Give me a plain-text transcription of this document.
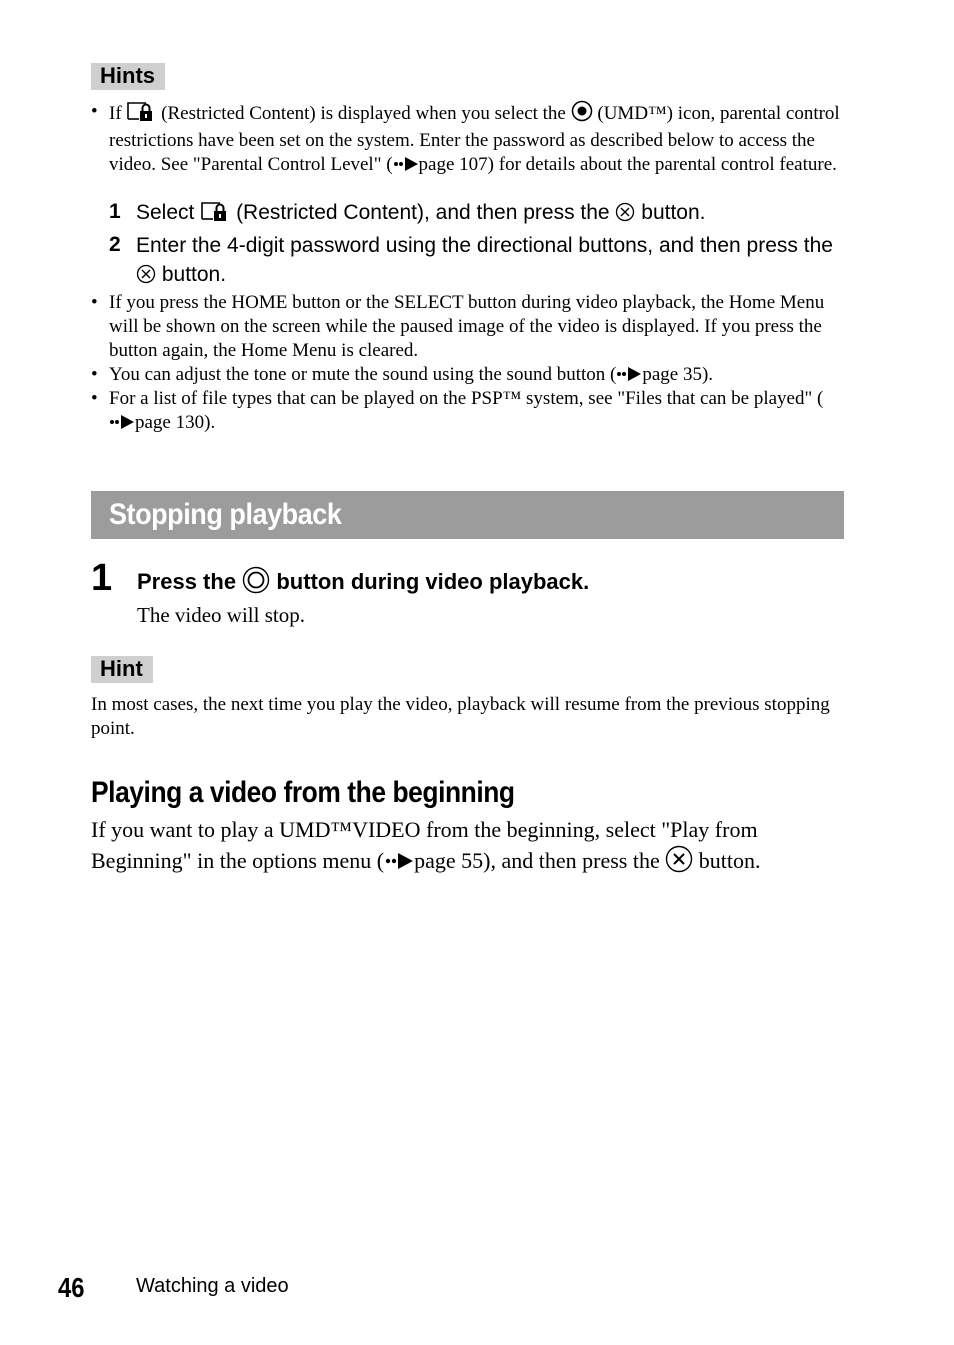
Hints
• If (Restricted Content) is displayed when you select the (UMD™) icon, parental control restrictions have been set on the system. Enter the password as described below to access the video. See "Parental Control Level" ( page 107) for details about the parental control feature.
1 Select (Restricted Content), and then press the button.
2 Enter the 4-digit password using the directional buttons, and then press the  button.
• If you press the HOME button or the SELECT button during video playback, the Home Menu will be shown on the screen while the paused image of the video is displayed. If you press the button again, the Home Menu is cleared.
• You can adjust the tone or mute the sound using the sound button ( page 35).
• For a list of file types that can be played on the PSP™ system, see "Files that can be played" (page 130).
Stopping playback
1 Press the button during video playback.
The video will stop.
Hint
In most cases, the next time you play the video, playback will resume from the previous stopping point.
Playing a video from the beginning
If you want to play a UMD™VIDEO from the beginning, select "Play from Beginning" in the options menu ( page 55), and then press the button.
46	Watching a video
